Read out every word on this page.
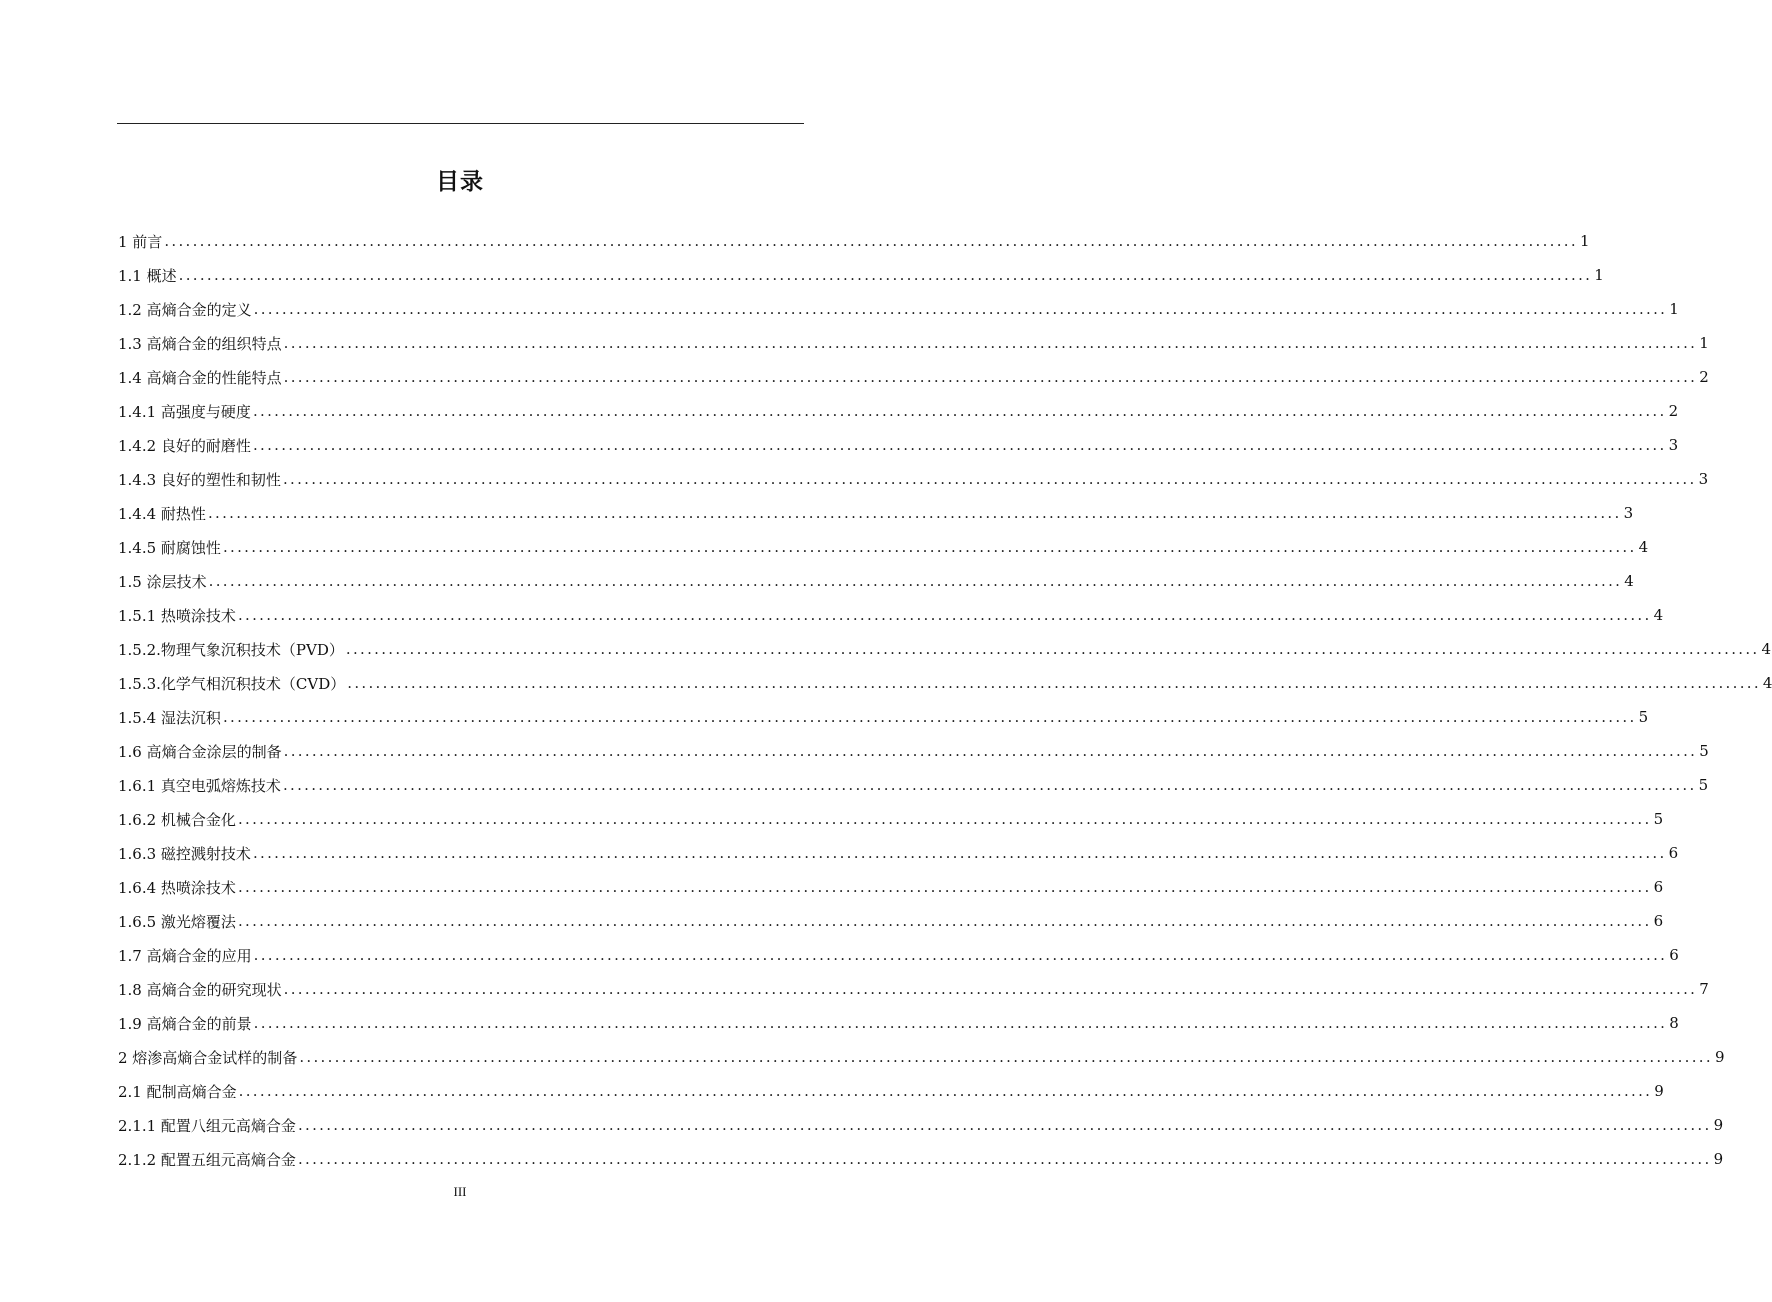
目录
1 前言 ........................................................................................................................................................................................................ 1
1.1 概述 ........................................................................................................................................................................................................ 1
1.2 高熵合金的定义 ........................................................................................................................................................................................................ 1
1.3 高熵合金的组织特点 ........................................................................................................................................................................................................ 1
1.4 高熵合金的性能特点 ........................................................................................................................................................................................................ 2
1.4.1 高强度与硬度 ........................................................................................................................................................................................................ 2
1.4.2 良好的耐磨性 ........................................................................................................................................................................................................ 3
1.4.3 良好的塑性和韧性 ........................................................................................................................................................................................................ 3
1.4.4 耐热性 ........................................................................................................................................................................................................ 3
1.4.5 耐腐蚀性 ........................................................................................................................................................................................................ 4
1.5 涂层技术 ........................................................................................................................................................................................................ 4
1.5.1 热喷涂技术 ........................................................................................................................................................................................................ 4
1.5.2.物理气象沉积技术（PVD） ........................................................................................................................................................................................................ 4
1.5.3.化学气相沉积技术（CVD） ........................................................................................................................................................................................................ 4
1.5.4 湿法沉积 ........................................................................................................................................................................................................ 5
1.6 高熵合金涂层的制备 ........................................................................................................................................................................................................ 5
1.6.1 真空电弧熔炼技术 ........................................................................................................................................................................................................ 5
1.6.2 机械合金化 ........................................................................................................................................................................................................ 5
1.6.3 磁控溅射技术 ........................................................................................................................................................................................................ 6
1.6.4 热喷涂技术 ........................................................................................................................................................................................................ 6
1.6.5 激光熔覆法 ........................................................................................................................................................................................................ 6
1.7 高熵合金的应用 ........................................................................................................................................................................................................ 6
1.8 高熵合金的研究现状 ........................................................................................................................................................................................................ 7
1.9 高熵合金的前景 ........................................................................................................................................................................................................ 8
2 熔渗高熵合金试样的制备 ........................................................................................................................................................................................................ 9
2.1 配制高熵合金 ........................................................................................................................................................................................................ 9
2.1.1 配置八组元高熵合金 ........................................................................................................................................................................................................ 9
2.1.2 配置五组元高熵合金 ........................................................................................................................................................................................................ 9
III
